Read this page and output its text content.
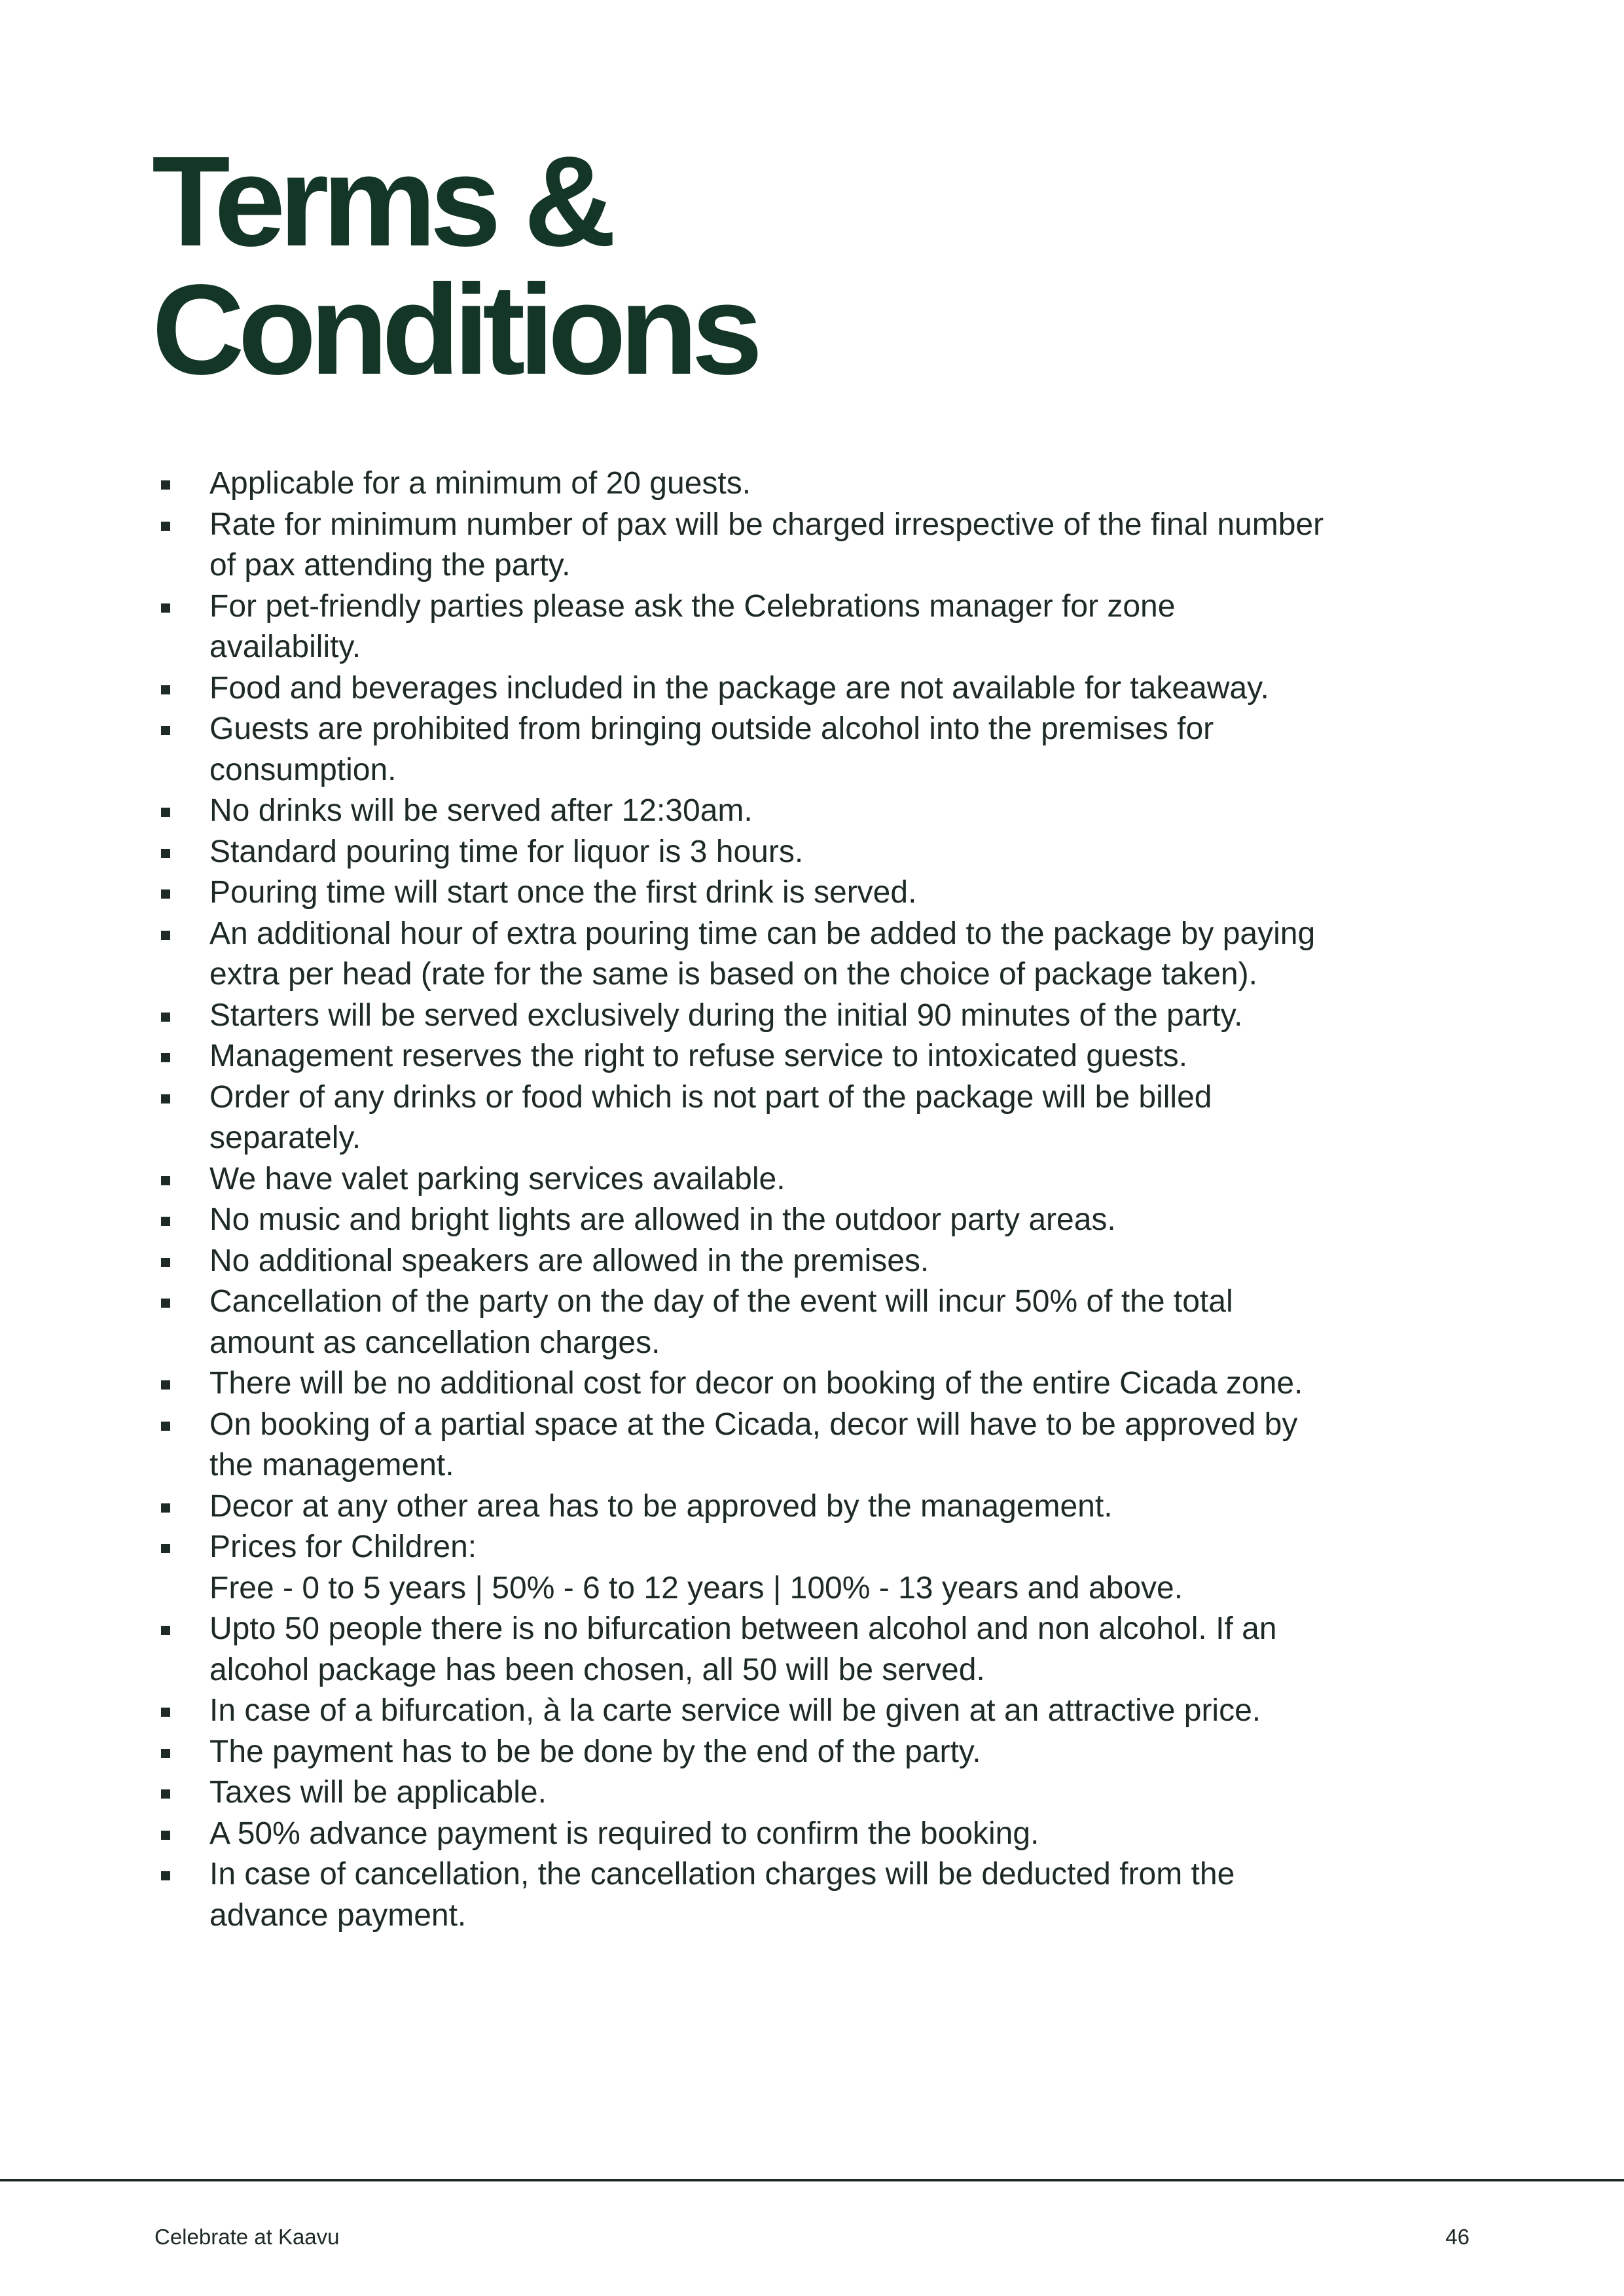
Terms &
Conditions
Applicable for a minimum of 20 guests.
Rate for minimum number of pax will be charged irrespective of the final number
of pax attending the party.
For pet-friendly parties please ask the Celebrations manager for zone
availability.
Food and beverages included in the package are not available for takeaway.
Guests are prohibited from bringing outside alcohol into the premises for
consumption.
No drinks will be served after 12:30am.
Standard pouring time for liquor is 3 hours.
Pouring time will start once the first drink is served.
An additional hour of extra pouring time can be added to the package by paying
extra per head (rate for the same is based on the choice of package taken).
Starters will be served exclusively during the initial 90 minutes of the party.
Management reserves the right to refuse service to intoxicated guests.
Order of any drinks or food which is not part of the package will be billed
separately.
We have valet parking services available.
No music and bright lights are allowed in the outdoor party areas.
No additional speakers are allowed in the premises.
Cancellation of the party on the day of the event will incur 50% of the total
amount as cancellation charges.
There will be no additional cost for decor on booking of the entire Cicada zone.
On booking of a partial space at the Cicada, decor will have to be approved by
the management.
Decor at any other area has to be approved by the management.
Prices for Children:
Free - 0 to 5 years | 50% - 6 to 12 years | 100% - 13 years and above.
Upto 50 people there is no bifurcation between alcohol and non alcohol. If an
alcohol package has been chosen, all 50 will be served.
In case of a bifurcation, à la carte service will be given at an attractive price.
The payment has to be be done by the end of the party.
Taxes will be applicable.
A 50% advance payment is required to confirm the booking.
In case of cancellation, the cancellation charges will be deducted from the
advance payment.
Celebrate at Kaavu	46
